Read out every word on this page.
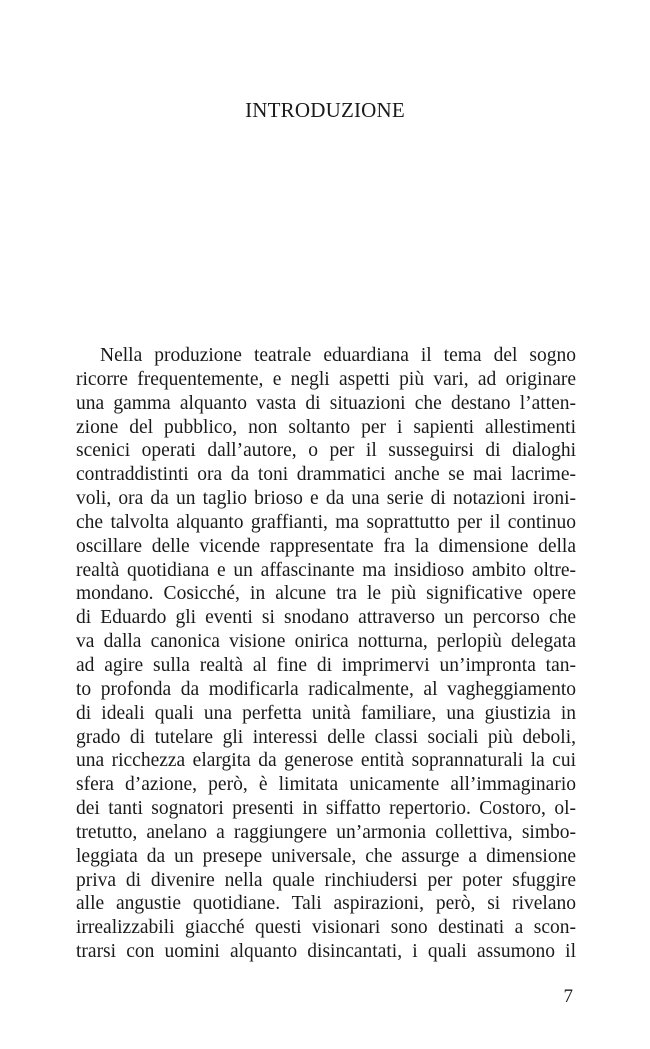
INTRODUZIONE
Nella produzione teatrale eduardiana il tema del sogno
ricorre frequentemente, e negli aspetti più vari, ad originare
una gamma alquanto vasta di situazioni che destano l’atten-
zione del pubblico, non soltanto per i sapienti allestimenti
scenici operati dall’autore, o per il susseguirsi di dialoghi
contraddistinti ora da toni drammatici anche se mai lacrime-
voli, ora da un taglio brioso e da una serie di notazioni ironi-
che talvolta alquanto graffianti, ma soprattutto per il continuo
oscillare delle vicende rappresentate fra la dimensione della
realtà quotidiana e un affascinante ma insidioso ambito oltre-
mondano. Cosicché, in alcune tra le più significative opere
di Eduardo gli eventi si snodano attraverso un percorso che
va dalla canonica visione onirica notturna, perlopiù delegata
ad agire sulla realtà al fine di imprimervi un’impronta tan-
to profonda da modificarla radicalmente, al vagheggiamento
di ideali quali una perfetta unità familiare, una giustizia in
grado di tutelare gli interessi delle classi sociali più deboli,
una ricchezza elargita da generose entità soprannaturali la cui
sfera d’azione, però, è limitata unicamente all’immaginario
dei tanti sognatori presenti in siffatto repertorio. Costoro, ol-
tretutto, anelano a raggiungere un’armonia collettiva, simbo-
leggiata da un presepe universale, che assurge a dimensione
priva di divenire nella quale rinchiudersi per poter sfuggire
alle angustie quotidiane. Tali aspirazioni, però, si rivelano
irrealizzabili giacché questi visionari sono destinati a scon-
trarsi con uomini alquanto disincantati, i quali assumono il
7
